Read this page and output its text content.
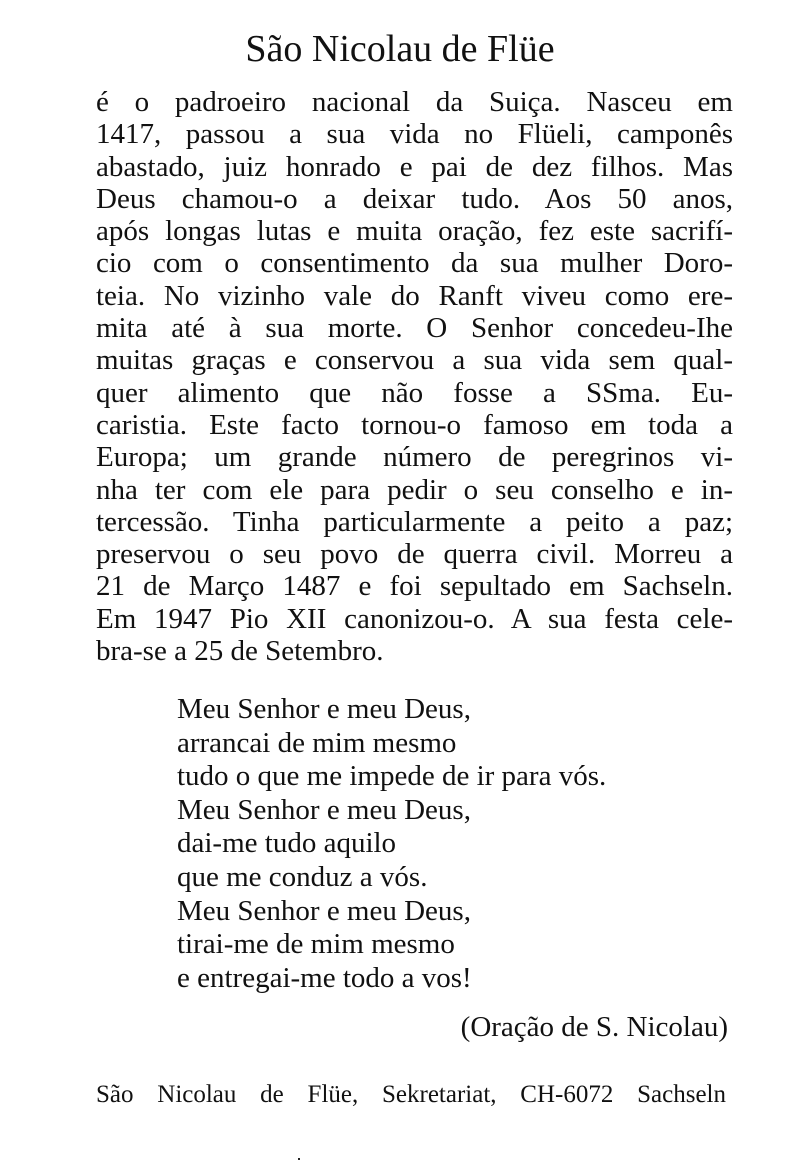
São Nicolau de Flüe
é o padroeiro nacional da Suiça. Nasceu em
1417, passou a sua vida no Flüeli, camponês
abastado, juiz honrado e pai de dez filhos. Mas
Deus chamou-o a deixar tudo. Aos 50 anos,
após longas lutas e muita oração, fez este sacrifí-
cio com o consentimento da sua mulher Doro-
teia. No vizinho vale do Ranft viveu como ere-
mita até à sua morte. O Senhor concedeu-Ihe
muitas graças e conservou a sua vida sem qual-
quer alimento que não fosse a SSma. Eu-
caristia. Este facto tornou-o famoso em toda a
Europa; um grande número de peregrinos vi-
nha ter com ele para pedir o seu conselho e in-
tercessão. Tinha particularmente a peito a paz;
preservou o seu povo de querra civil. Morreu a
21 de Março 1487 e foi sepultado em Sachseln.
Em 1947 Pio XII canonizou-o. A sua festa cele-
bra-se a 25 de Setembro.
Meu Senhor e meu Deus,
arrancai de mim mesmo
tudo o que me impede de ir para vós.
Meu Senhor e meu Deus,
dai-me tudo aquilo
que me conduz a vós.
Meu Senhor e meu Deus,
tirai-me de mim mesmo
e entregai-me todo a vos!

(Oração de S. Nicolau)

São Nicolau de Flüe, Sekretariat, CH-6072 Sachseln
